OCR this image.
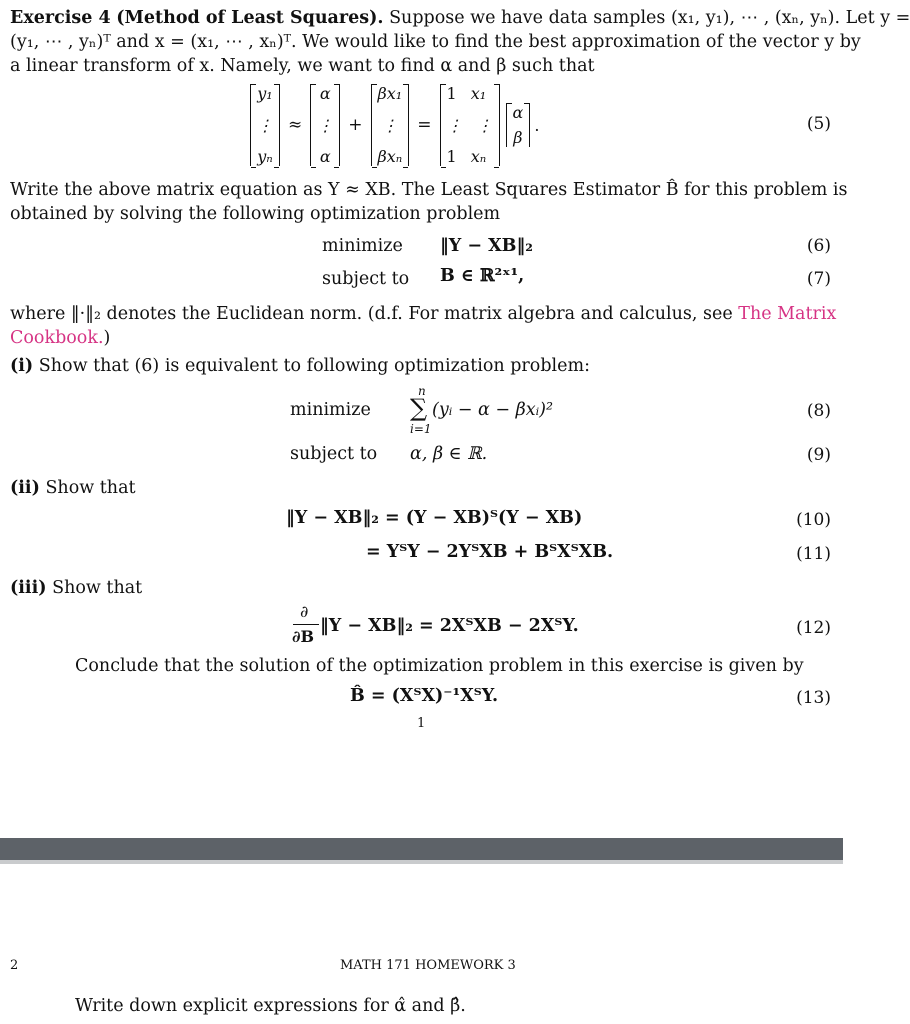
Exercise 4 (Method of Least Squares). Suppose we have data samples (x₁, y₁), ⋯ , (xₙ, yₙ). Let y =
(y₁, ⋯ , yₙ)ᵀ and x = (x₁, ⋯ , xₙ)ᵀ. We would like to find the best approximation of the vector y by
a linear transform of x. Namely, we want to find α and β such that
y₁
⋮
yₙ
≈
α
⋮
α
+
βx₁
⋮
βxₙ
=
1 x₁
⋮ ⋮
1 xₙ
α
β
.	(5)
Write the above matrix equation as Y ≈ XB. The Least Squares Estimator B̂ for this problem is
obtained by solving the following optimization problem
minimize ‖Y − XB‖₂	(6)
subject to B ∈ ℝ²ˣ¹,	(7)
where ‖·‖₂ denotes the Euclidean norm. (d.f. For matrix algebra and calculus, see The Matrix
Cookbook.)
(i) Show that (6) is equivalent to following optimization problem:
minimize
n
∑
i=1
(yᵢ − α − βxᵢ)²	(8)
subject to α, β ∈ ℝ.	(9)
(ii) Show that
‖Y − XB‖₂ = (Y − XB)ᵀ(Y − XB)	(10)
= YᵀY − 2YᵀXB + BᵀXᵀXB.	(11)
(iii) Show that
∂
∂B
‖Y − XB‖₂ = 2XᵀXB − 2XᵀY.	(12)
Conclude that the solution of the optimization problem in this exercise is given by
B̂ = (XᵀX)⁻¹XᵀY.	(13)
1
2	MATH 171 HOMEWORK 3
Write down explicit expressions for α̂ and β̂.
